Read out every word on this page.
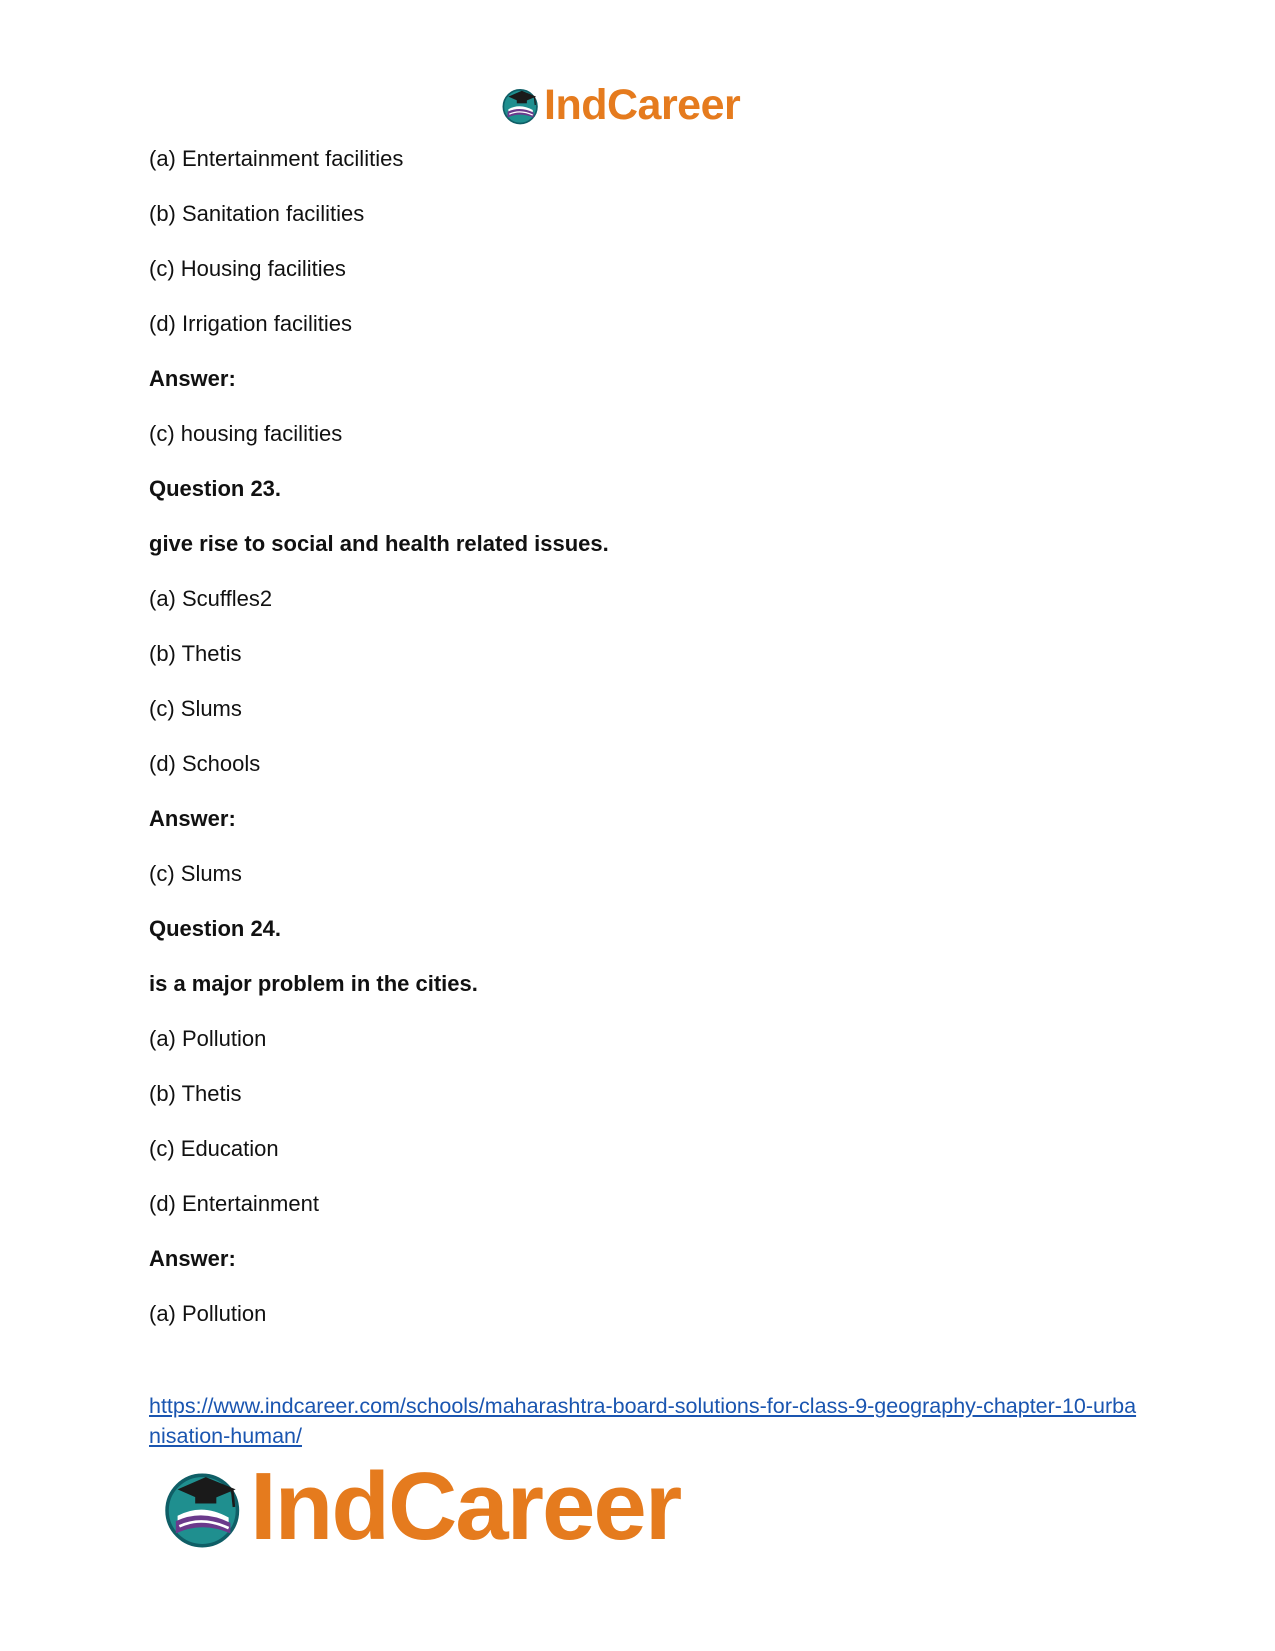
IndCareer
(a) Entertainment facilities
(b) Sanitation facilities
(c) Housing facilities
(d) Irrigation facilities
Answer:
(c) housing facilities
Question 23.
give rise to social and health related issues.
(a) Scuffles2
(b) Thetis
(c) Slums
(d) Schools
Answer:
(c) Slums
Question 24.
is a major problem in the cities.
(a) Pollution
(b) Thetis
(c) Education
(d) Entertainment
Answer:
(a) Pollution
https://www.indcareer.com/schools/maharashtra-board-solutions-for-class-9-geography-chapter-10-urbanisation-human/
IndCareer
